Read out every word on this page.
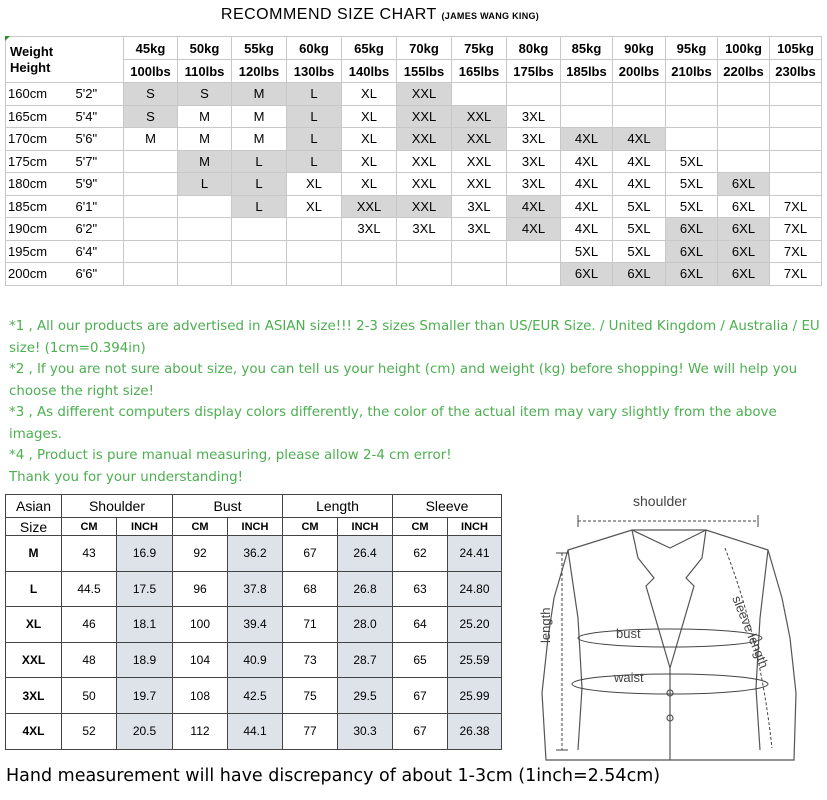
RECOMMEND SIZE CHART (JAMES WANG KING)
Weight
Height		45kg	50kg	55kg	60kg	65kg	70kg	75kg	80kg	85kg	90kg	95kg	100kg	105kg
		100lbs	110lbs	120lbs	130lbs	140lbs	155lbs	165lbs	175lbs	185lbs	200lbs	210lbs	220lbs	230lbs
160cm	5'2"	S	S	M	L	XL	XXL							
165cm	5'4"	S	M	M	L	XL	XXL	XXL	3XL					
170cm	5'6"	M	M	M	L	XL	XXL	XXL	3XL	4XL	4XL			
175cm	5'7"		M	L	L	XL	XXL	XXL	3XL	4XL	4XL	5XL		
180cm	5'9"		L	L	XL	XL	XXL	XXL	3XL	4XL	4XL	5XL	6XL	
185cm	6'1"			L	XL	XXL	XXL	3XL	4XL	4XL	5XL	5XL	6XL	7XL
190cm	6'2"					3XL	3XL	3XL	4XL	4XL	5XL	6XL	6XL	7XL
195cm	6'4"									5XL	5XL	6XL	6XL	7XL
200cm	6'6"									6XL	6XL	6XL	6XL	7XL

*1 , All our products are advertised in ASIAN size!!! 2-3 sizes Smaller than US/EUR Size. / United Kingdom / Australia / EU size! (1cm=0.394in)

*2 , If you are not sure about size, you can tell us your height (cm) and weight (kg) before shopping! We will help you choose the right size!

*3 , As different computers display colors differently, the color of the actual item may vary slightly from the above images.

*4 , Product is pure manual measuring, please allow 2-4 cm error!

Thank you for your understanding!

Asian	Shoulder		Bust		Length		Sleeve	
Size	CM	INCH	CM	INCH	CM	INCH	CM	INCH
M	43	16.9	92	36.2	67	26.4	62	24.41
L	44.5	17.5	96	37.8	68	26.8	63	24.80
XL	46	18.1	100	39.4	71	28.0	64	25.20
XXL	48	18.9	104	40.9	73	28.7	65	25.59
3XL	50	19.7	108	42.5	75	29.5	67	25.99
4XL	52	20.5	112	44.1	77	30.3	67	26.38
shoulder
bust
waist
length	sleeve length
Hand measurement will have discrepancy of about 1-3cm (1inch=2.54cm)
